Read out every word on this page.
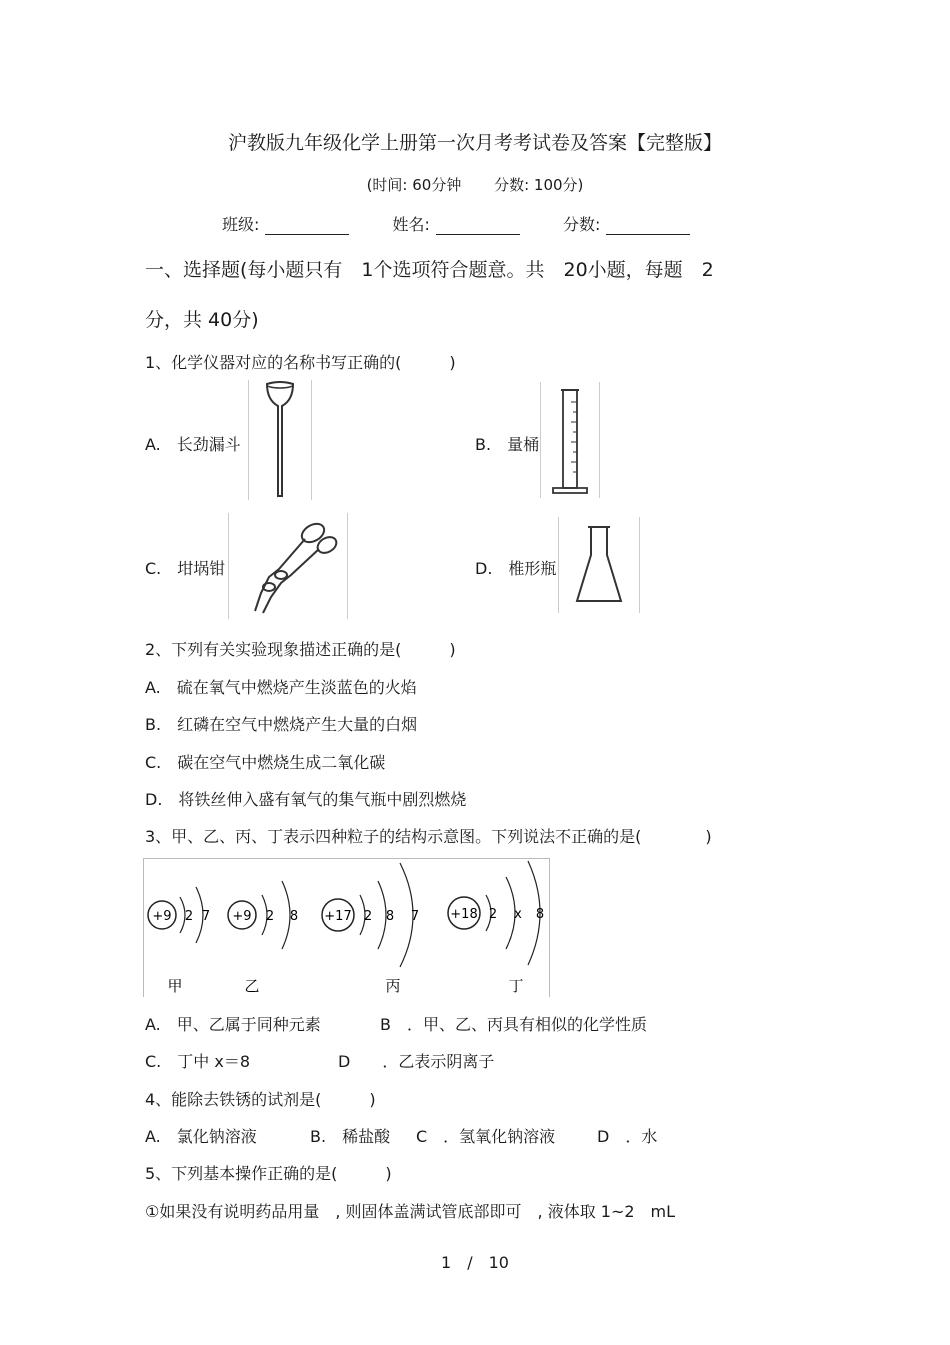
沪教版九年级化学上册第一次月考考试卷及答案【完整版】
(时间: 60分钟 分数: 100分)
班级:	姓名:	分数:
一、选择题(每小题只有　1个选项符合题意。共　20小题，每题　2
分，共 40分)
1、化学仪器对应的名称书写正确的(　　　)
A.　长劲漏斗	B.　量桶
C.　坩埚钳	D.　椎形瓶
2、下列有关实验现象描述正确的是(　　　)
A.　硫在氧气中燃烧产生淡蓝色的火焰
B.　红磷在空气中燃烧产生大量的白烟
C.　碳在空气中燃烧生成二氧化碳
D.　将铁丝伸入盛有氧气的集气瓶中剧烈燃烧
3、甲、乙、丙、丁表示四种粒子的结构示意图。下列说法不正确的是(　　　　)
+9 2 7
甲
+9 2 8
乙
+17 2 8 7
丙
+18 2 x 8
丁
A.　甲、乙属于同种元素	B　．甲、乙、丙具有相似的化学性质
C.　丁中 x＝8	D　　．乙表示阴离子
4、能除去铁锈的试剂是(　　　)
A.　氯化钠溶液	B.　稀盐酸 C　．氢氧化钠溶液	D　．水
5、下列基本操作正确的是(　　　)
①如果没有说明药品用量　, 则固体盖满试管底部即可　, 液体取 1~2　mL
1　/　10
